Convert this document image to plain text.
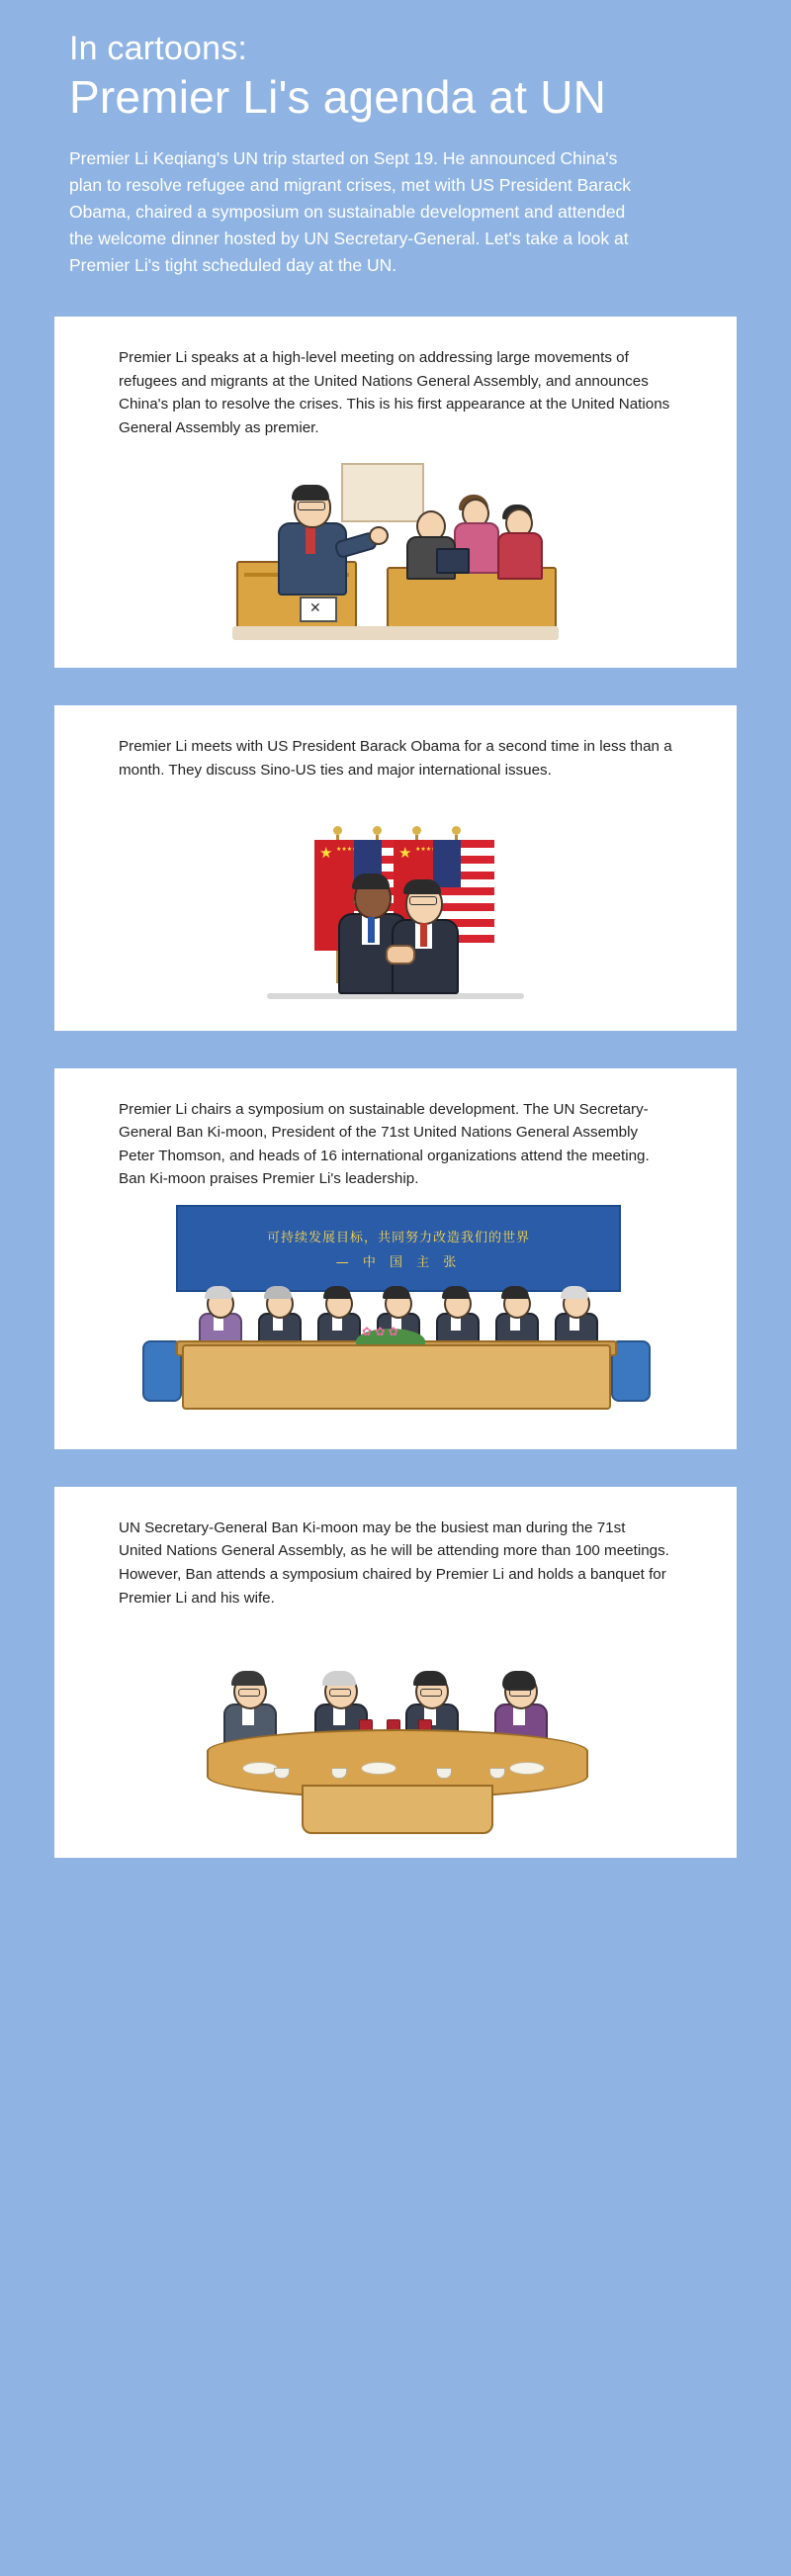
In cartoons:
Premier Li's agenda at UN
Premier Li Keqiang's UN trip started on Sept 19. He announced China's plan to resolve refugee and migrant crises, met with US President Barack Obama, chaired a symposium on sustainable development and attended the welcome dinner hosted by UN Secretary-General. Let's take a look at Premier Li's tight scheduled day at the UN.
Premier Li speaks at a high-level meeting on addressing large movements of refugees and migrants at the United Nations General Assembly, and announces China's plan to resolve the crises. This is his first appearance at the United Nations General Assembly as premier.
✕
Premier Li meets with US President Barack Obama for a second time in less than a month. They discuss Sino-US ties and major international issues.
★ ★★★★
★ ★★★★
Premier Li chairs a symposium on sustainable development. The UN Secretary-General Ban Ki-moon, President of the 71st United Nations General Assembly Peter Thomson, and heads of 16 international organizations attend the meeting. Ban Ki-moon praises Premier Li's leadership.
可持续发展目标，共同努力改造我们的世界
— 中 国 主 张
✿ ✿ ✿
UN Secretary-General Ban Ki-moon may be the busiest man during the 71st United Nations General Assembly, as he will be attending more than 100 meetings. However, Ban attends a symposium chaired by Premier Li and holds a banquet for Premier Li and his wife.
